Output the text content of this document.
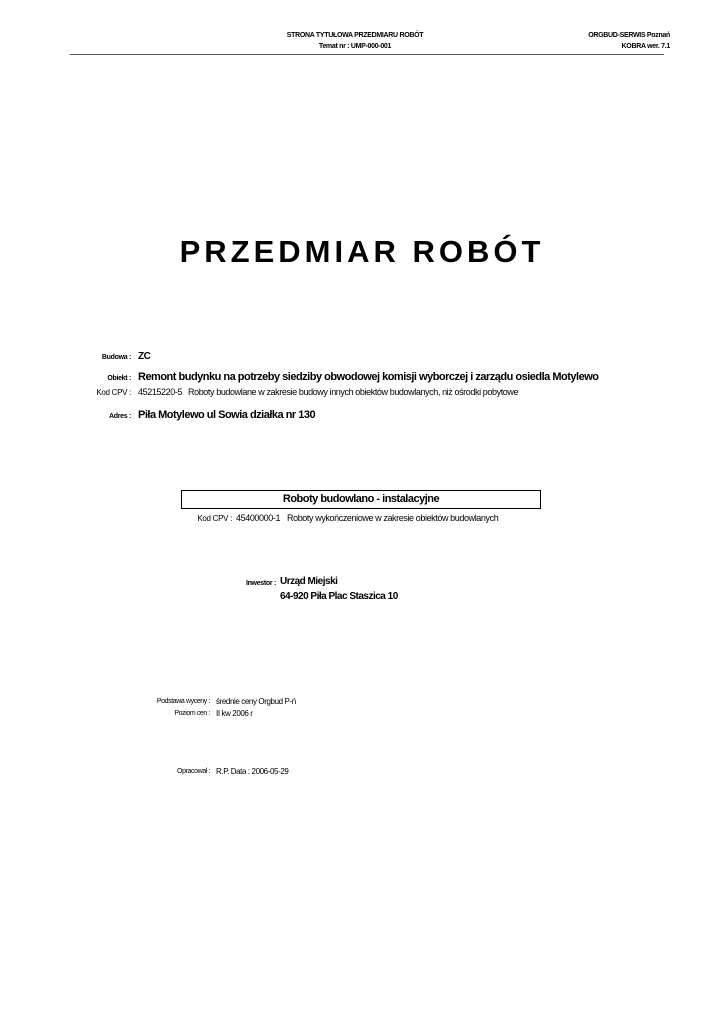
STRONA TYTUŁOWA PRZEDMIARU ROBÓT
Temat nr : UMP-000-001
ORGBUD-SERWIS Poznań
KOBRA wer. 7.1
PRZEDMIAR ROBÓT
Budowa : ZC
Obiekt : Remont budynku na potrzeby siedziby obwodowej komisji wyborczej i zarządu osiedla Motylewo
Kod CPV : 45215220-5 Roboty budowlane w zakresie budowy innych obiektów budowlanych, niż ośrodki pobytowe
Adres : Piła Motylewo ul Sowia działka nr 130
Roboty budowlano - instalacyjne
Kod CPV : 45400000-1 Roboty wykończeniowe w zakresie obiektów budowlanych
Inwestor : Urząd Miejski
64-920 Piła Plac Staszica 10
Podstawa wyceny : średnie ceny Orgbud P-ń
Poziom cen : II kw 2006 r
Opracował : R.P. Data : 2006-05-29
